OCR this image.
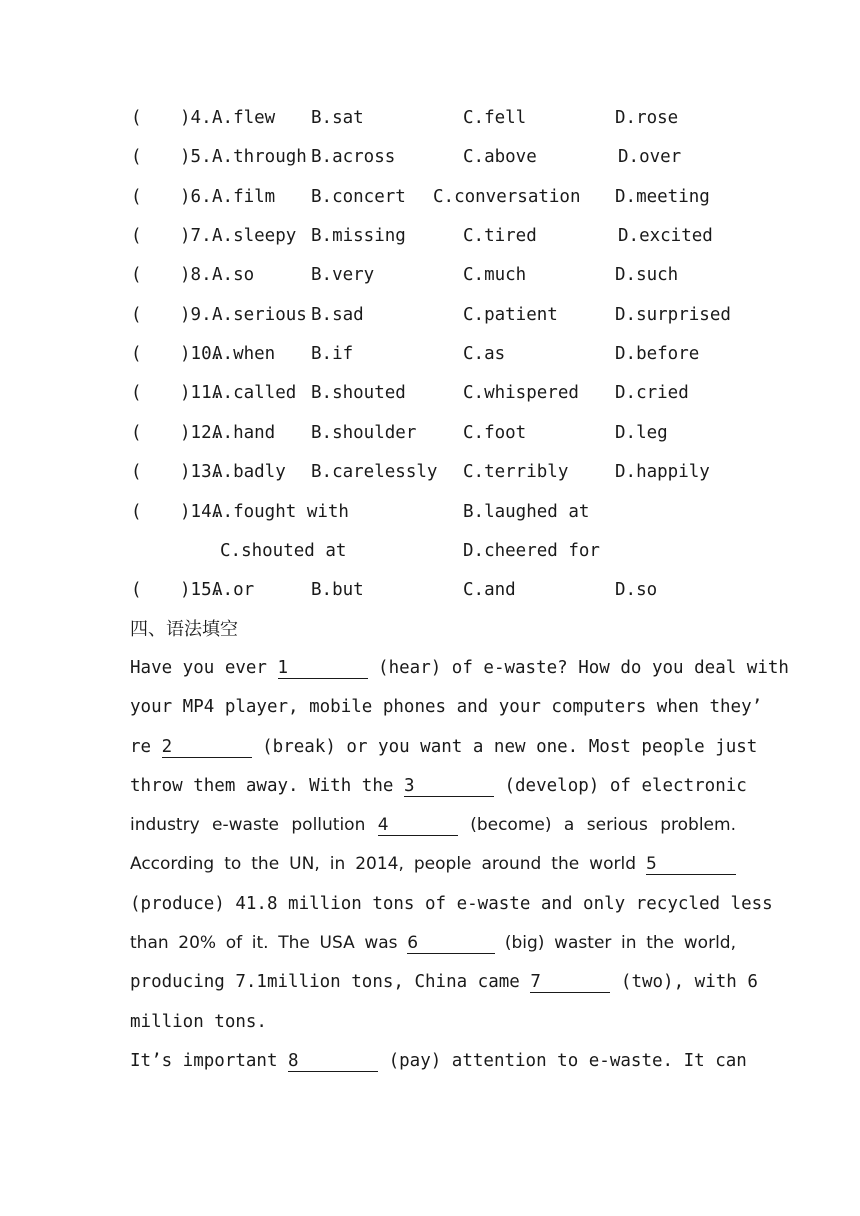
( )4. A.flew B.sat	C.fell	D.rose
( )5. A.through B.across	C.above	D.over
( )6. A.film B.concert C.conversation D.meeting
( )7. A.sleepy B.missing	C.tired	D.excited
( )8. A.so	B.very	C.much	D.such
( )9. A.serious B.sad	C.patient	D.surprised
( )10.
A.when B.if	C.as	D.before
( )11.
A.called B.shouted	C.whispered D.cried
( )12.
A.hand B.shoulder	C.foot	D.leg
( )13.
A.badly B.carelessly C.terribly	D.happily
( )14.
A.fought with	B.laughed at
C.shouted at	D.cheered for
( )15.
A.or	B.but	C.and	D.so
四、语法填空
Have you ever 1	(hear) of e-waste? How do you deal with
your MP4 player, mobile phones and your computers when they’
re 2	(break) or you want a new one. Most people just
throw them away. With the 3	(develop) of electronic
industry e-waste pollution 4	(become) a serious problem.
According to the UN, in 2014, people around the world 5
(produce) 41.8 million tons of e-waste and only recycled less
than 20% of it. The USA was 6	(big) waster in the world,
producing 7.1million tons, China came 7	(two), with 6
million tons.
It’s important 8	(pay) attention to e-waste. It can
